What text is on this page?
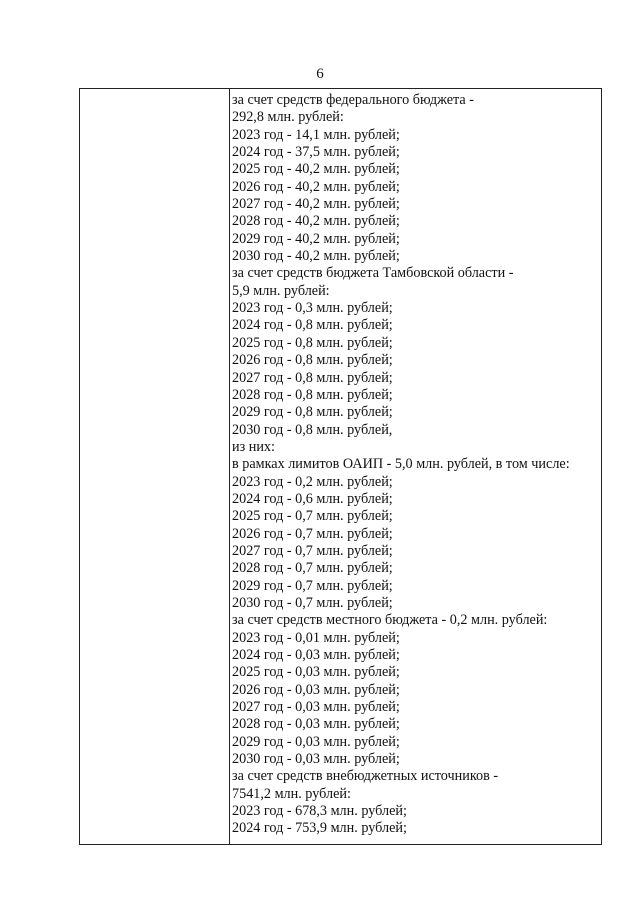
6
за счет средств федерального бюджета -
292,8 млн. рублей:
2023 год - 14,1 млн. рублей;
2024 год - 37,5 млн. рублей;
2025 год - 40,2 млн. рублей;
2026 год - 40,2 млн. рублей;
2027 год - 40,2 млн. рублей;
2028 год - 40,2 млн. рублей;
2029 год - 40,2 млн. рублей;
2030 год - 40,2 млн. рублей;
за счет средств бюджета Тамбовской области -
5,9 млн. рублей:
2023 год - 0,3 млн. рублей;
2024 год - 0,8 млн. рублей;
2025 год - 0,8 млн. рублей;
2026 год - 0,8 млн. рублей;
2027 год - 0,8 млн. рублей;
2028 год - 0,8 млн. рублей;
2029 год - 0,8 млн. рублей;
2030 год - 0,8 млн. рублей,
из них:
в рамках лимитов ОАИП - 5,0 млн. рублей, в том числе:
2023 год - 0,2 млн. рублей;
2024 год - 0,6 млн. рублей;
2025 год - 0,7 млн. рублей;
2026 год - 0,7 млн. рублей;
2027 год - 0,7 млн. рублей;
2028 год - 0,7 млн. рублей;
2029 год - 0,7 млн. рублей;
2030 год - 0,7 млн. рублей;
за счет средств местного бюджета - 0,2 млн. рублей:
2023 год - 0,01 млн. рублей;
2024 год - 0,03 млн. рублей;
2025 год - 0,03 млн. рублей;
2026 год - 0,03 млн. рублей;
2027 год - 0,03 млн. рублей;
2028 год - 0,03 млн. рублей;
2029 год - 0,03 млн. рублей;
2030 год - 0,03 млн. рублей;
за счет средств внебюджетных источников -
7541,2 млн. рублей:
2023 год - 678,3 млн. рублей;
2024 год - 753,9 млн. рублей;
